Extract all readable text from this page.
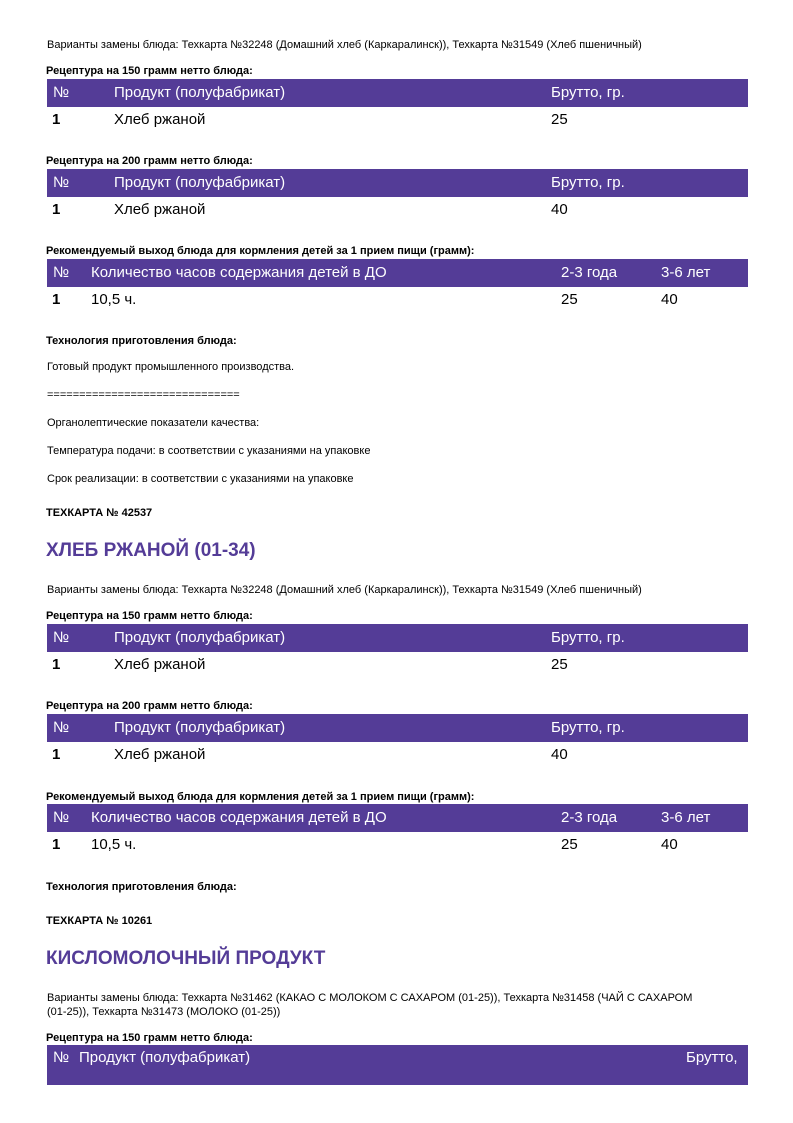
Варианты замены блюда: Техкарта №32248 (Домашний хлеб (Каркаралинск)), Техкарта №31549 (Хлеб пшеничный)
Рецептура на 150 грамм нетто блюда:
№	Продукт (полуфабрикат)	Брутто, гр.
1	Хлеб ржаной	25
Рецептура на 200 грамм нетто блюда:
№	Продукт (полуфабрикат)	Брутто, гр.
1	Хлеб ржаной	40
Рекомендуемый выход блюда для кормления детей за 1 прием пищи (грамм):
№ Количество часов содержания детей в ДО	2-3 года	3-6 лет
1 10,5 ч.	25	40
Технология приготовления блюда:
Готовый продукт промышленного производства.
==============================
Органолептические показатели качества:
Температура подачи: в соответствии с указаниями на упаковке
Срок реализации: в соответствии с указаниями на упаковке
ТЕХКАРТА № 42537
ХЛЕБ РЖАНОЙ (01-34)
Варианты замены блюда: Техкарта №32248 (Домашний хлеб (Каркаралинск)), Техкарта №31549 (Хлеб пшеничный)
Рецептура на 150 грамм нетто блюда:
№	Продукт (полуфабрикат)	Брутто, гр.
1	Хлеб ржаной	25
Рецептура на 200 грамм нетто блюда:
№	Продукт (полуфабрикат)	Брутто, гр.
1	Хлеб ржаной	40
Рекомендуемый выход блюда для кормления детей за 1 прием пищи (грамм):
№ Количество часов содержания детей в ДО	2-3 года	3-6 лет
1 10,5 ч.	25	40
Технология приготовления блюда:
ТЕХКАРТА № 10261
КИСЛОМОЛОЧНЫЙ ПРОДУКТ
Варианты замены блюда: Техкарта №31462 (КАКАО С МОЛОКОМ С САХАРОМ (01-25)), Техкарта №31458 (ЧАЙ С САХАРОМ (01-25)), Техкарта №31473 (МОЛОКО (01-25))
Рецептура на 150 грамм нетто блюда:
№ Продукт (полуфабрикат)	Брутто,
